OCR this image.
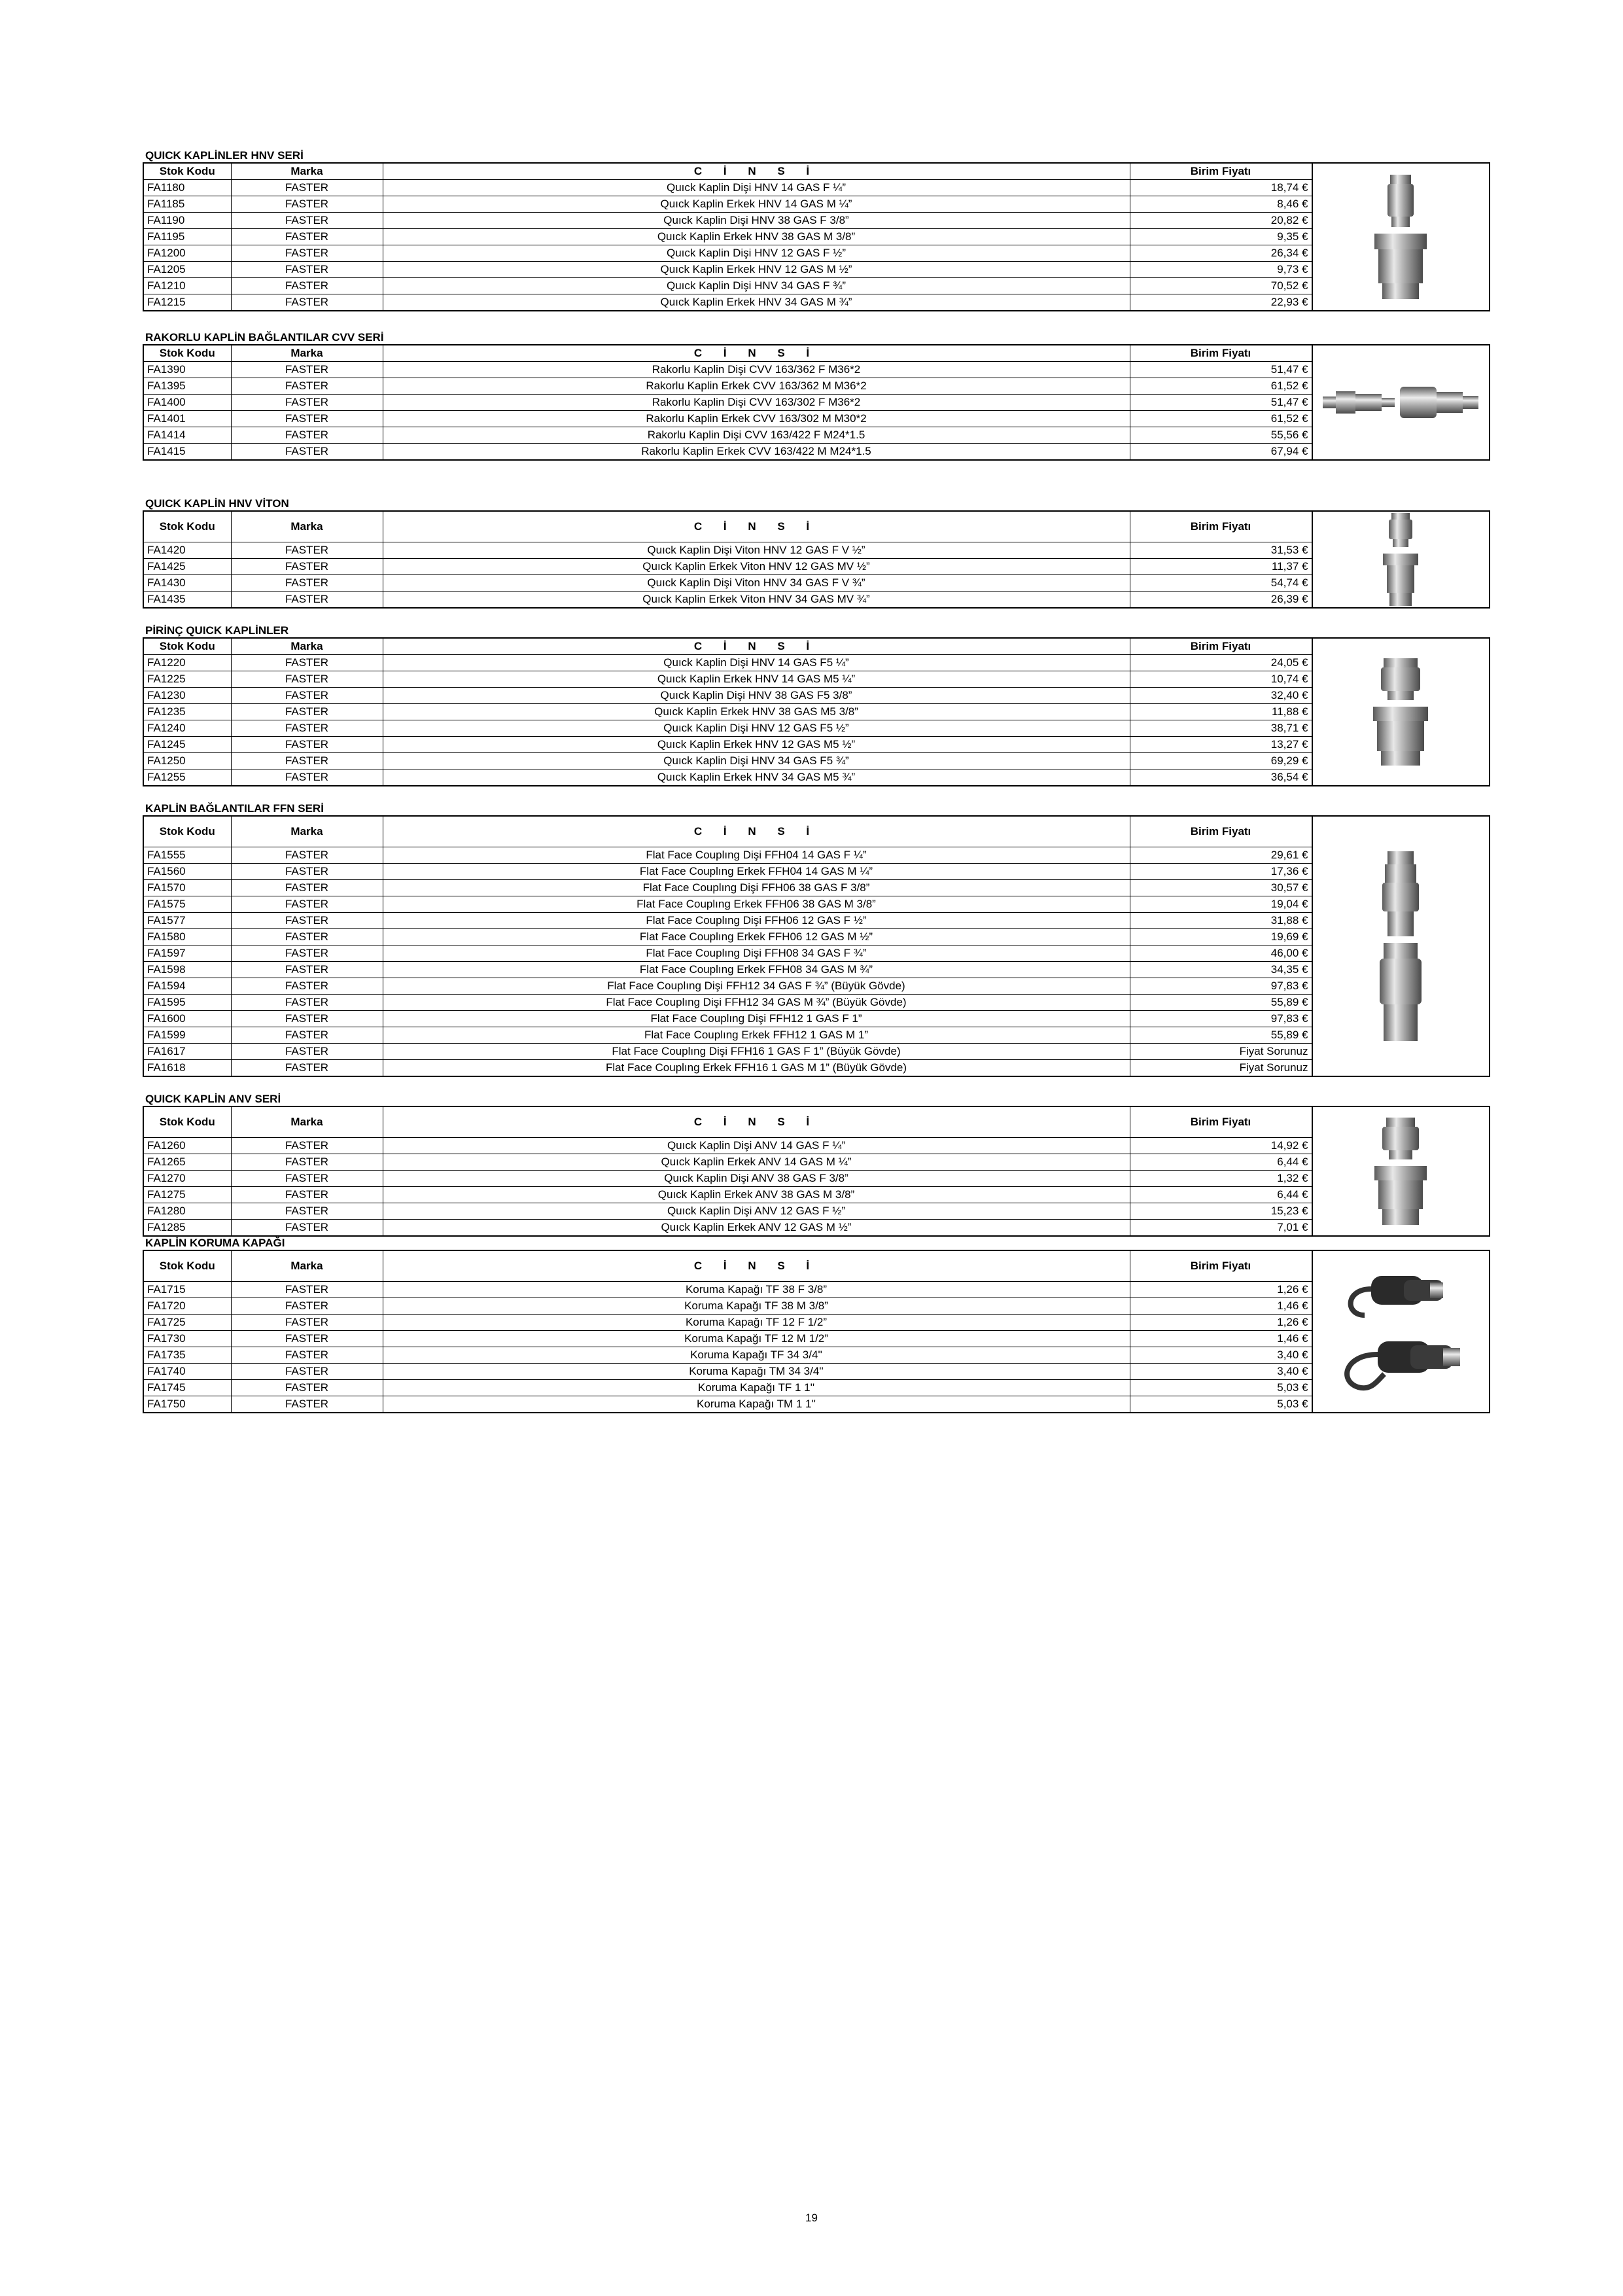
QUICK KAPLİNLER HNV SERİ
Stok Kodu	Marka	C İ N S İ	Birim Fiyatı
FA1180	FASTER	Quıck Kaplin Dişi HNV 14 GAS F ¼”	18,74 €
FA1185	FASTER	Quıck Kaplin Erkek HNV 14 GAS M ¼”	8,46 €
FA1190	FASTER	Quıck Kaplin Dişi HNV 38 GAS F 3/8”	20,82 €
FA1195	FASTER	Quıck Kaplin Erkek HNV 38 GAS M 3/8”	9,35 €
FA1200	FASTER	Quıck Kaplin Dişi HNV 12 GAS F ½”	26,34 €
FA1205	FASTER	Quıck Kaplin Erkek HNV 12 GAS M ½”	9,73 €
FA1210	FASTER	Quıck Kaplin Dişi HNV 34 GAS F ¾”	70,52 €
FA1215	FASTER	Quıck Kaplin Erkek HNV 34 GAS M ¾”	22,93 €
RAKORLU KAPLİN BAĞLANTILAR CVV SERİ
Stok Kodu	Marka	C İ N S İ	Birim Fiyatı
FA1390	FASTER	Rakorlu Kaplin Dişi CVV 163/362 F M36*2	51,47 €
FA1395	FASTER	Rakorlu Kaplin Erkek CVV 163/362 M M36*2	61,52 €
FA1400	FASTER	Rakorlu Kaplin Dişi CVV 163/302 F M36*2	51,47 €
FA1401	FASTER	Rakorlu Kaplin Erkek CVV 163/302 M M30*2	61,52 €
FA1414	FASTER	Rakorlu Kaplin Dişi CVV 163/422 F M24*1.5	55,56 €
FA1415	FASTER	Rakorlu Kaplin Erkek CVV 163/422 M M24*1.5	67,94 €
QUICK KAPLİN HNV VİTON
Stok Kodu	Marka	C İ N S İ	Birim Fiyatı
FA1420	FASTER	Quıck Kaplin Dişi Viton HNV 12 GAS F V ½”	31,53 €
FA1425	FASTER	Quıck Kaplin Erkek Viton HNV 12 GAS MV ½”	11,37 €
FA1430	FASTER	Quıck Kaplin Dişi Viton HNV 34 GAS F V ¾”	54,74 €
FA1435	FASTER	Quıck Kaplin Erkek Viton HNV 34 GAS MV ¾”	26,39 €
PİRİNÇ QUICK KAPLİNLER
Stok Kodu	Marka	C İ N S İ	Birim Fiyatı
FA1220	FASTER	Quıck Kaplin Dişi HNV 14 GAS F5 ¼”	24,05 €
FA1225	FASTER	Quıck Kaplin Erkek HNV 14 GAS M5 ¼”	10,74 €
FA1230	FASTER	Quıck Kaplin Dişi HNV 38 GAS F5 3/8”	32,40 €
FA1235	FASTER	Quıck Kaplin Erkek HNV 38 GAS M5 3/8”	11,88 €
FA1240	FASTER	Quıck Kaplin Dişi HNV 12 GAS F5 ½”	38,71 €
FA1245	FASTER	Quıck Kaplin Erkek HNV 12 GAS M5 ½”	13,27 €
FA1250	FASTER	Quıck Kaplin Dişi HNV 34 GAS F5 ¾”	69,29 €
FA1255	FASTER	Quıck Kaplin Erkek HNV 34 GAS M5 ¾”	36,54 €
KAPLİN BAĞLANTILAR FFN SERİ
Stok Kodu	Marka	C İ N S İ	Birim Fiyatı
FA1555	FASTER	Flat Face Couplıng Dişi FFH04 14 GAS F ¼”	29,61 €
FA1560	FASTER	Flat Face Couplıng Erkek FFH04 14 GAS M ¼”	17,36 €
FA1570	FASTER	Flat Face Couplıng Dişi FFH06 38 GAS F 3/8”	30,57 €
FA1575	FASTER	Flat Face Couplıng Erkek FFH06 38 GAS M 3/8”	19,04 €
FA1577	FASTER	Flat Face Couplıng Dişi FFH06 12 GAS F ½”	31,88 €
FA1580	FASTER	Flat Face Couplıng Erkek FFH06 12 GAS M ½”	19,69 €
FA1597	FASTER	Flat Face Couplıng Dişi FFH08 34 GAS F ¾”	46,00 €
FA1598	FASTER	Flat Face Couplıng Erkek FFH08 34 GAS M ¾”	34,35 €
FA1594	FASTER	Flat Face Couplıng Dişi FFH12 34 GAS F ¾” (Büyük Gövde)	97,83 €
FA1595	FASTER	Flat Face Couplıng Dişi FFH12 34 GAS M ¾” (Büyük Gövde)	55,89 €
FA1600	FASTER	Flat Face Couplıng Dişi FFH12 1 GAS F 1”	97,83 €
FA1599	FASTER	Flat Face Couplıng Erkek FFH12 1 GAS M 1”	55,89 €
FA1617	FASTER	Flat Face Couplıng Dişi FFH16 1 GAS F 1” (Büyük Gövde)	Fiyat Sorunuz
FA1618	FASTER	Flat Face Couplıng Erkek FFH16 1 GAS M 1” (Büyük Gövde)	Fiyat Sorunuz
QUICK KAPLİN ANV SERİ
Stok Kodu	Marka	C İ N S İ	Birim Fiyatı
FA1260	FASTER	Quıck Kaplin Dişi ANV 14 GAS F ¼”	14,92 €
FA1265	FASTER	Quıck Kaplin Erkek ANV 14 GAS M ¼”	6,44 €
FA1270	FASTER	Quıck Kaplin Dişi ANV 38 GAS F 3/8”	1,32 €
FA1275	FASTER	Quıck Kaplin Erkek ANV 38 GAS M 3/8”	6,44 €
FA1280	FASTER	Quıck Kaplin Dişi ANV 12 GAS F ½”	15,23 €
FA1285	FASTER	Quıck Kaplin Erkek ANV 12 GAS M ½”	7,01 €
KAPLİN KORUMA KAPAĞI
Stok Kodu	Marka	C İ N S İ	Birim Fiyatı
FA1715	FASTER	Koruma Kapağı TF 38 F 3/8”	1,26 €
FA1720	FASTER	Koruma Kapağı TF 38 M 3/8”	1,46 €
FA1725	FASTER	Koruma Kapağı TF 12 F 1/2”	1,26 €
FA1730	FASTER	Koruma Kapağı TF 12 M 1/2”	1,46 €
FA1735	FASTER	Koruma Kapağı TF 34 3/4''	3,40 €
FA1740	FASTER	Koruma Kapağı TM 34 3/4''	3,40 €
FA1745	FASTER	Koruma Kapağı TF 1 1''	5,03 €
FA1750	FASTER	Koruma Kapağı TM 1 1''	5,03 €
19
